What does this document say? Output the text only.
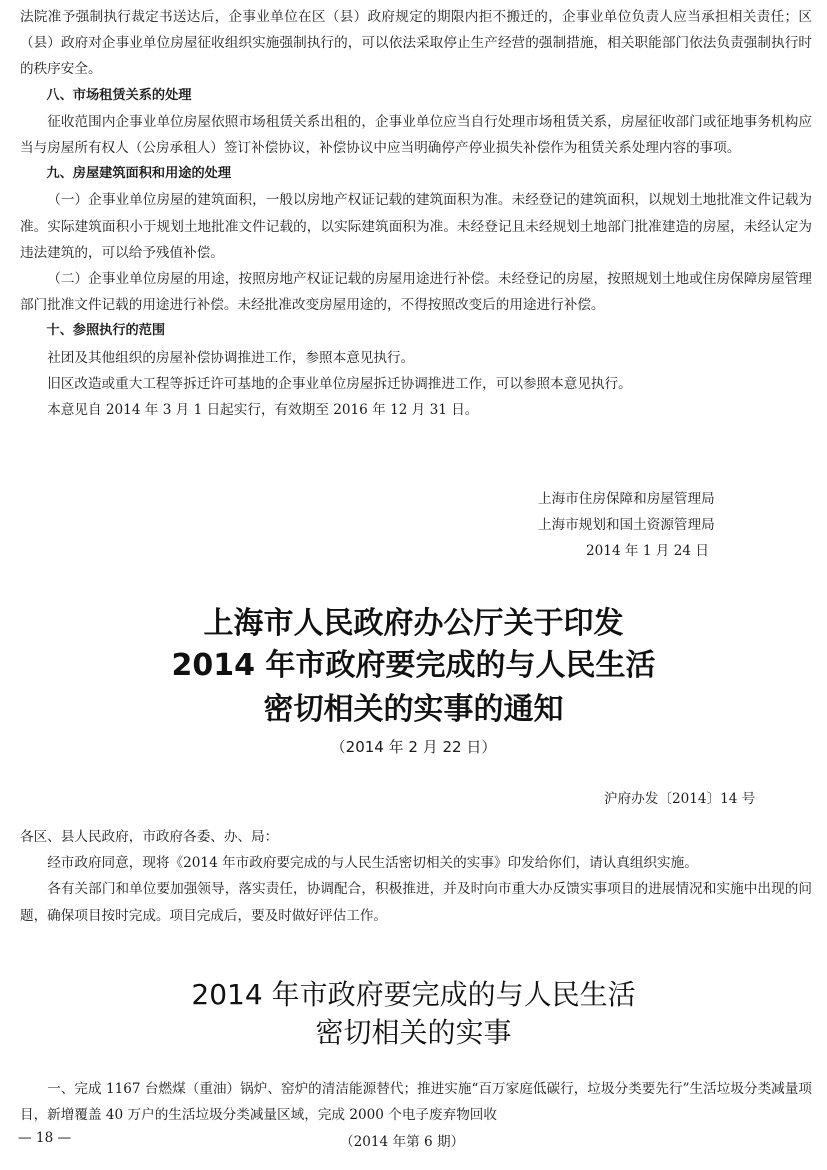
法院准予强制执行裁定书送达后，企事业单位在区（县）政府规定的期限内拒不搬迁的，企事业单位负责人应当承担相关责任；区（县）政府对企事业单位房屋征收组织实施强制执行的，可以依法采取停止生产经营的强制措施，相关职能部门依法负责强制执行时的秩序安全。

八、市场租赁关系的处理

征收范围内企事业单位房屋依照市场租赁关系出租的，企事业单位应当自行处理市场租赁关系，房屋征收部门或征地事务机构应当与房屋所有权人（公房承租人）签订补偿协议，补偿协议中应当明确停产停业损失补偿作为租赁关系处理内容的事项。

九、房屋建筑面积和用途的处理

（一）企事业单位房屋的建筑面积，一般以房地产权证记载的建筑面积为准。未经登记的建筑面积，以规划土地批准文件记载为准。实际建筑面积小于规划土地批准文件记载的，以实际建筑面积为准。未经登记且未经规划土地部门批准建造的房屋，未经认定为违法建筑的，可以给予残值补偿。

（二）企事业单位房屋的用途，按照房地产权证记载的房屋用途进行补偿。未经登记的房屋，按照规划土地或住房保障房屋管理部门批准文件记载的用途进行补偿。未经批准改变房屋用途的，不得按照改变后的用途进行补偿。

十、参照执行的范围

社团及其他组织的房屋补偿协调推进工作，参照本意见执行。

旧区改造或重大工程等拆迁许可基地的企事业单位房屋拆迁协调推进工作，可以参照本意见执行。

本意见自 2014 年 3 月 1 日起实行，有效期至 2016 年 12 月 31 日。

上海市住房保障和房屋管理局
上海市规划和国土资源管理局
2014 年 1 月 24 日
上海市人民政府办公厅关于印发
2014 年市政府要完成的与人民生活
密切相关的实事的通知
（2014 年 2 月 22 日）
沪府办发〔2014〕14 号

各区、县人民政府，市政府各委、办、局：

经市政府同意，现将《2014 年市政府要完成的与人民生活密切相关的实事》印发给你们，请认真组织实施。

各有关部门和单位要加强领导，落实责任，协调配合，积极推进，并及时向市重大办反馈实事项目的进展情况和实施中出现的问题，确保项目按时完成。项目完成后，要及时做好评估工作。

2014 年市政府要完成的与人民生活
密切相关的实事

一、完成 1167 台燃煤（重油）锅炉、窑炉的清洁能源替代；推进实施“百万家庭低碳行，垃圾分类要先行”生活垃圾分类减量项目，新增覆盖 40 万户的生活垃圾分类减量区域，完成 2000 个电子废弃物回收

— 18 —	（2014 年第 6 期）
